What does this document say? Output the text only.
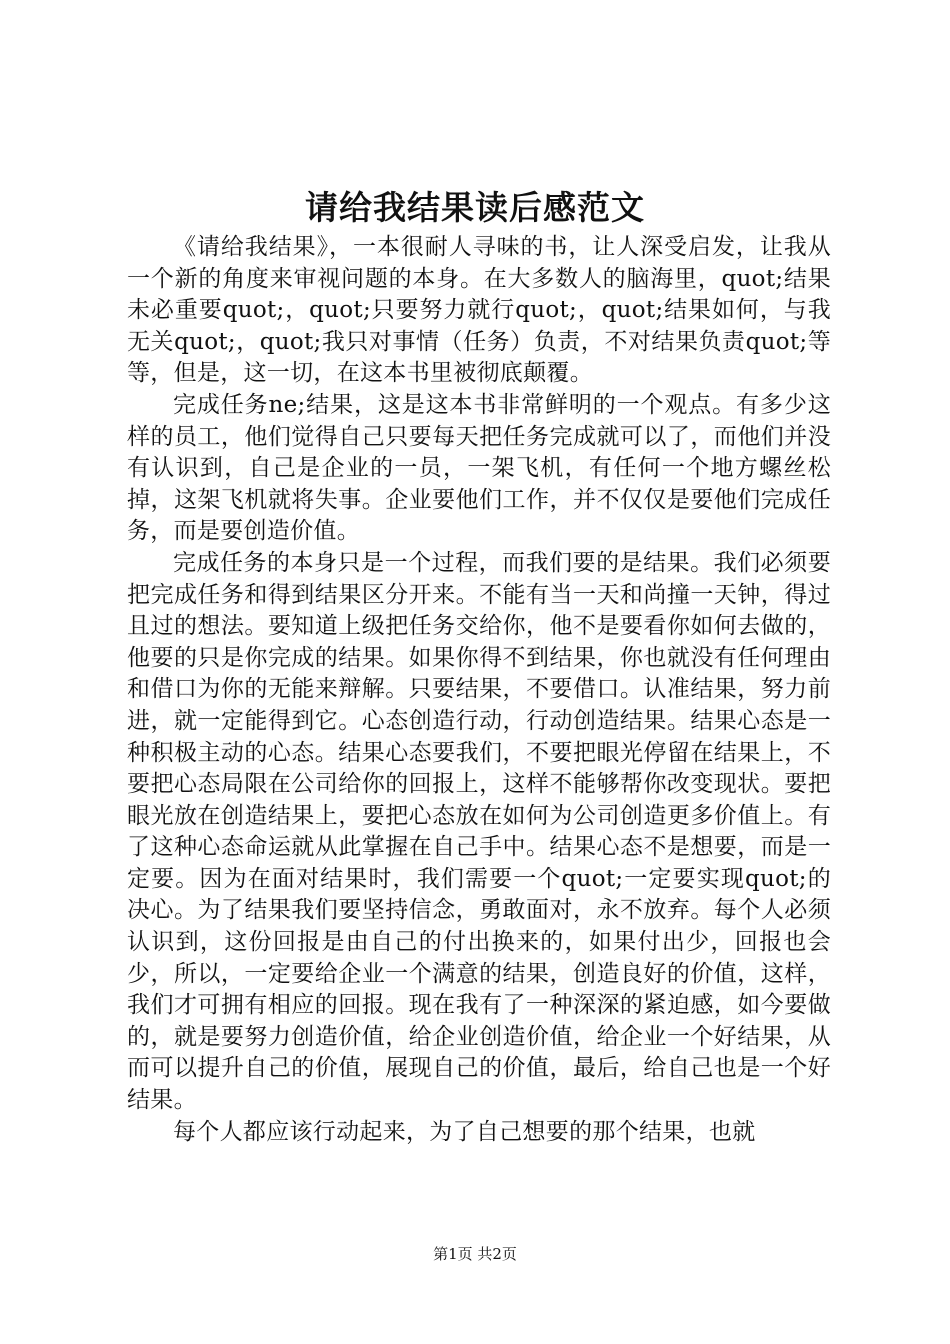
请给我结果读后感范文

《请给我结果》，一本很耐人寻味的书，让人深受启发，让我从一个新的角度来审视问题的本身。在大多数人的脑海里，quot;结果未必重要quot;，quot;只要努力就行quot;，quot;结果如何，与我无关quot;，quot;我只对事情（任务）负责，不对结果负责quot;等等，但是，这一切，在这本书里被彻底颠覆。

完成任务ne;结果，这是这本书非常鲜明的一个观点。有多少这样的员工，他们觉得自己只要每天把任务完成就可以了，而他们并没有认识到，自己是企业的一员，一架飞机，有任何一个地方螺丝松掉，这架飞机就将失事。企业要他们工作，并不仅仅是要他们完成任务，而是要创造价值。

完成任务的本身只是一个过程，而我们要的是结果。我们必须要把完成任务和得到结果区分开来。不能有当一天和尚撞一天钟，得过且过的想法。要知道上级把任务交给你，他不是要看你如何去做的，他要的只是你完成的结果。如果你得不到结果，你也就没有任何理由和借口为你的无能来辩解。只要结果，不要借口。认准结果，努力前进，就一定能得到它。心态创造行动，行动创造结果。结果心态是一种积极主动的心态。结果心态要我们，不要把眼光停留在结果上，不要把心态局限在公司给你的回报上，这样不能够帮你改变现状。要把眼光放在创造结果上，要把心态放在如何为公司创造更多价值上。有了这种心态命运就从此掌握在自己手中。结果心态不是想要，而是一定要。因为在面对结果时，我们需要一个quot;一定要实现quot;的决心。为了结果我们要坚持信念，勇敢面对，永不放弃。每个人必须认识到，这份回报是由自己的付出换来的，如果付出少，回报也会少，所以，一定要给企业一个满意的结果，创造良好的价值，这样，我们才可拥有相应的回报。现在我有了一种深深的紧迫感，如今要做的，就是要努力创造价值，给企业创造价值，给企业一个好结果，从而可以提升自己的价值，展现自己的价值，最后，给自己也是一个好结果。

每个人都应该行动起来，为了自己想要的那个结果，也就

第1页 共2页
